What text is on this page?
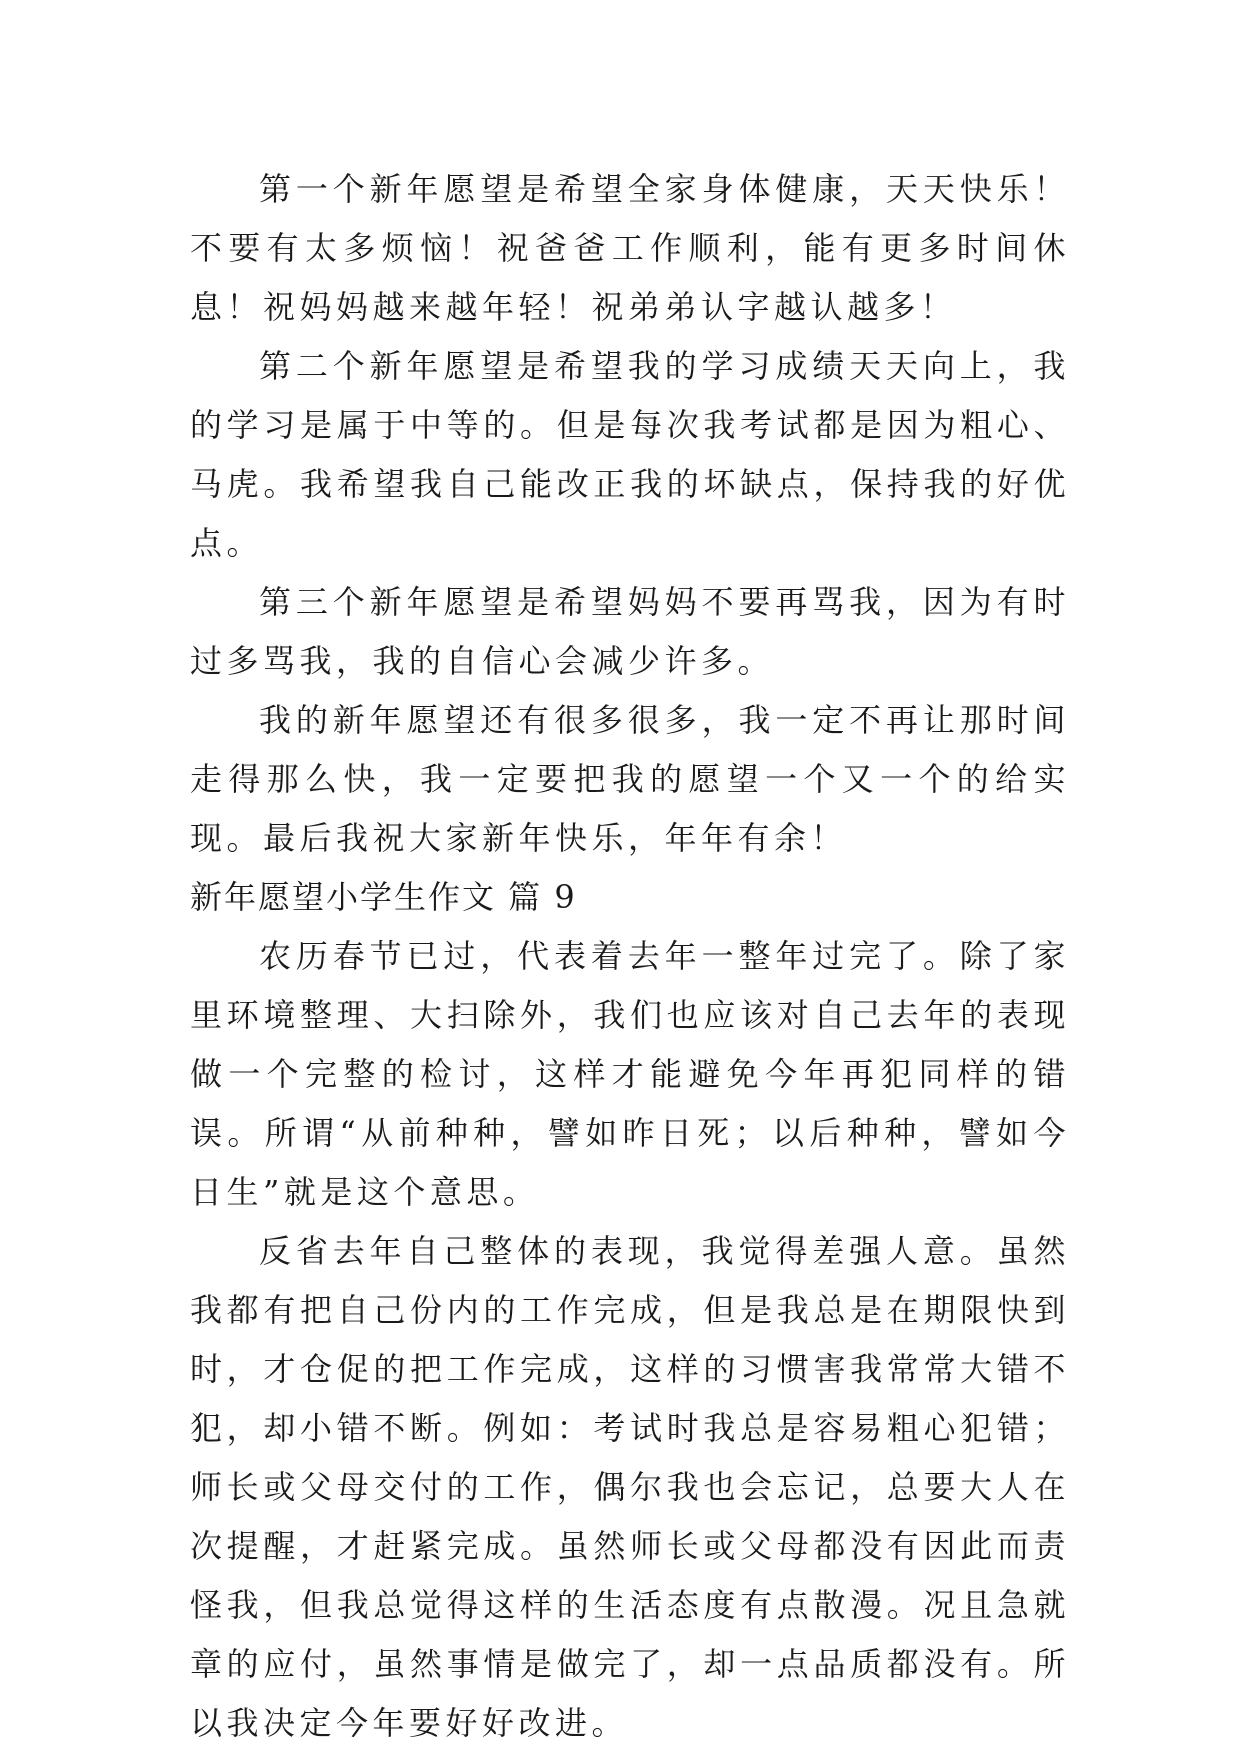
第一个新年愿望是希望全家身体健康，天天快乐！不要有太多烦恼！祝爸爸工作顺利，能有更多时间休息！祝妈妈越来越年轻！祝弟弟认字越认越多！

第二个新年愿望是希望我的学习成绩天天向上，我的学习是属于中等的。但是每次我考试都是因为粗心、马虎。我希望我自己能改正我的坏缺点，保持我的好优点。

第三个新年愿望是希望妈妈不要再骂我，因为有时过多骂我，我的自信心会减少许多。

我的新年愿望还有很多很多，我一定不再让那时间走得那么快，我一定要把我的愿望一个又一个的给实现。最后我祝大家新年快乐，年年有余！

新年愿望小学生作文 篇 9

农历春节已过，代表着去年一整年过完了。除了家里环境整理、大扫除外，我们也应该对自己去年的表现做一个完整的检讨，这样才能避免今年再犯同样的错误。所谓“从前种种，譬如昨日死；以后种种，譬如今日生”就是这个意思。

反省去年自己整体的表现，我觉得差强人意。虽然我都有把自己份内的工作完成，但是我总是在期限快到时，才仓促的把工作完成，这样的习惯害我常常大错不犯，却小错不断。例如：考试时我总是容易粗心犯错；师长或父母交付的工作，偶尔我也会忘记，总要大人在次提醒，才赶紧完成。虽然师长或父母都没有因此而责怪我，但我总觉得这样的生活态度有点散漫。况且急就章的应付，虽然事情是做完了，却一点品质都没有。所以我决定今年要好好改进。
